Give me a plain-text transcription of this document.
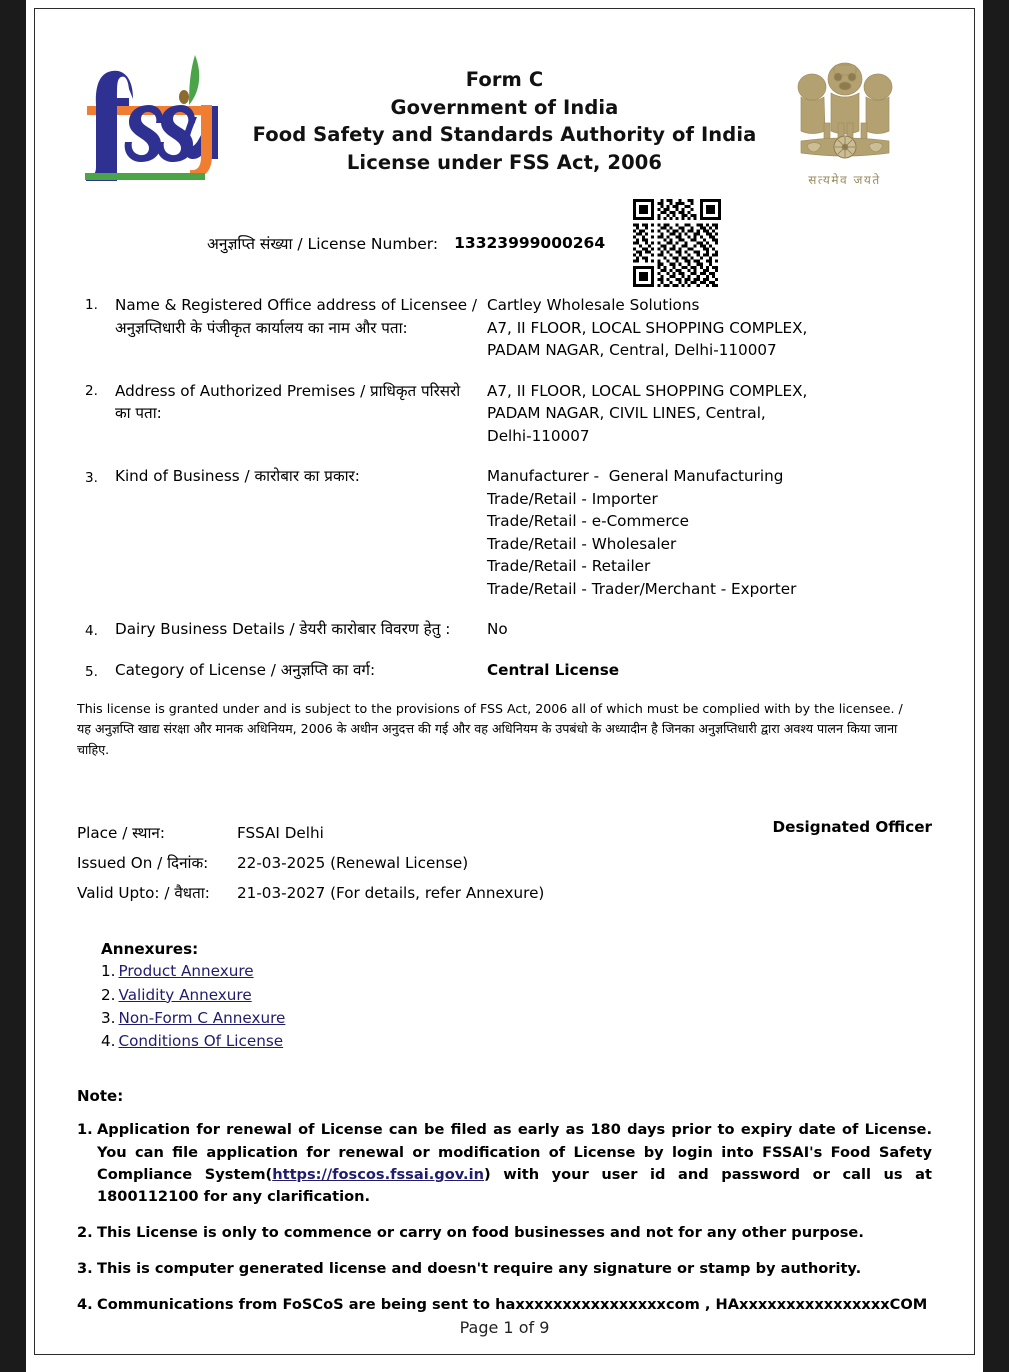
Form C
Government of India
Food Safety and Standards Authority of India
License under FSS Act, 2006
सत्यमेव जयते
अनुज्ञप्ति संख्या / License Number: 13323999000264
1.	Name & Registered Office address of Licensee / अनुज्ञप्तिधारी के पंजीकृत कार्यालय का नाम और पता:
Cartley Wholesale Solutions
A7, II FLOOR, LOCAL SHOPPING COMPLEX,
PADAM NAGAR, Central, Delhi-110007
2.	Address of Authorized Premises / प्राधिकृत परिसरो का पता:
A7, II FLOOR, LOCAL SHOPPING COMPLEX,
PADAM NAGAR, CIVIL LINES, Central,
Delhi-110007
3.	Kind of Business / कारोबार का प्रकार:	Manufacturer -  General Manufacturing
Trade/Retail - Importer
Trade/Retail - e-Commerce
Trade/Retail - Wholesaler
Trade/Retail - Retailer
Trade/Retail - Trader/Merchant - Exporter
4.	Dairy Business Details / डेयरी कारोबार विवरण हेतु :	No
5.	Category of License / अनुज्ञप्ति का वर्ग:	Central License
This license is granted under and is subject to the provisions of FSS Act, 2006 all of which must be complied with by the licensee. / यह अनुज्ञप्ति खाद्य संरक्षा और मानक अधिनियम, 2006 के अधीन अनुदत्त की गई और वह अधिनियम के उपबंधो के अध्यादीन है जिनका अनुज्ञप्तिधारी द्वारा अवश्य पालन किया जाना चाहिए.
Designated Officer
Place / स्थान:	FSSAI Delhi
Issued On / दिनांक:	22-03-2025 (Renewal License)
Valid Upto: / वैधता:	21-03-2027 (For details, refer Annexure)
Annexures:
1. Product Annexure
2. Validity Annexure
3. Non-Form C Annexure
4. Conditions Of License
Note:
1. Application for renewal of License can be filed as early as 180 days prior to expiry date of License. You can file application for renewal or modification of License by login into FSSAI's Food Safety Compliance System(https://foscos.fssai.gov.in) with your user id and password or call us at 1800112100 for any clarification.
2. This License is only to commence or carry on food businesses and not for any other purpose.
3. This is computer generated license and doesn't require any signature or stamp by authority.
4. Communications from FoSCoS are being sent to haxxxxxxxxxxxxxxxxcom , HAxxxxxxxxxxxxxxxxCOM
Page 1 of 9
